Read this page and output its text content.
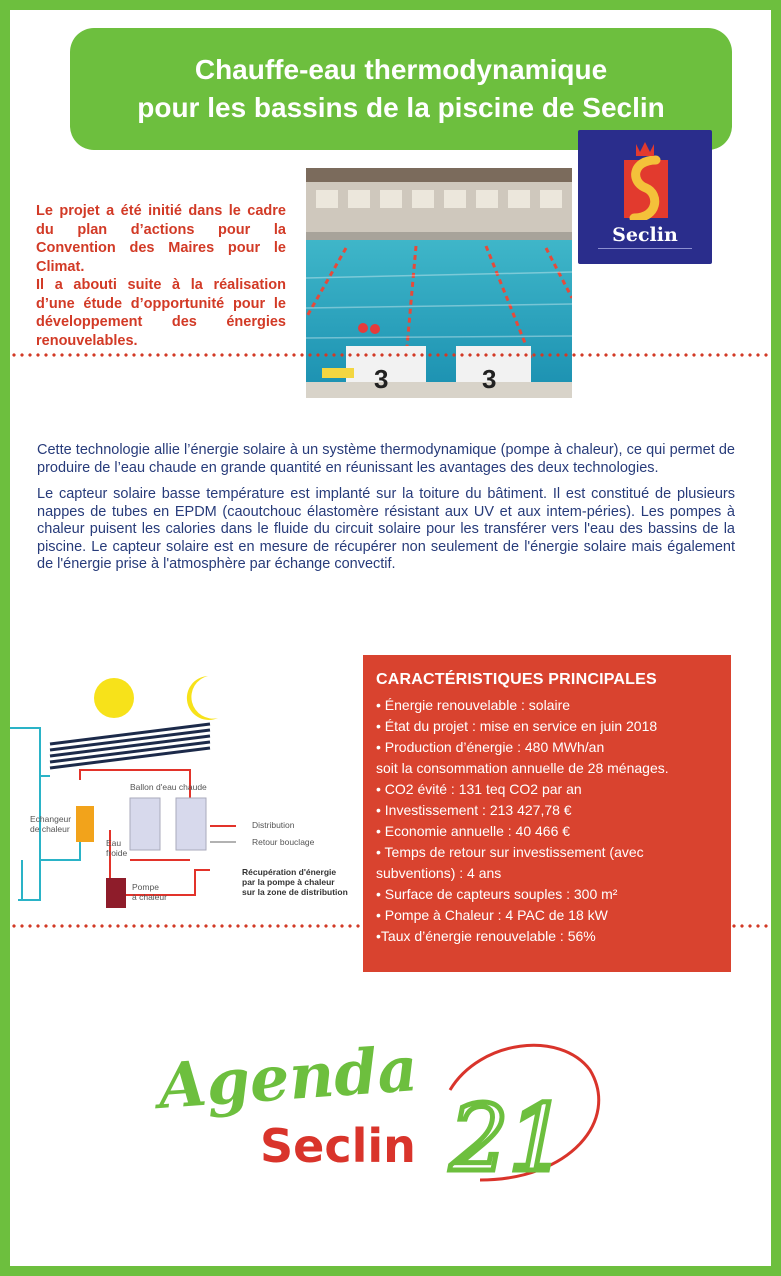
Chauffe-eau thermodynamique
pour les bassins de la piscine de Seclin
3	3
Seclin
Le projet a été initié dans le cadre du plan d’actions pour la Convention des Maires pour le Climat.
Il a abouti suite à la réalisation d’une étude d’opportunité pour le développement des énergies renouvelables.

Cette technologie allie l’énergie solaire à un système thermodynamique (pompe à chaleur), ce qui permet de produire de l’eau chaude en grande quantité en réunissant les avantages des deux technologies.

Le capteur solaire basse température est implanté sur la toiture du bâtiment. Il est constitué de plusieurs nappes de tubes en EPDM (caoutchouc élastomère résistant aux UV et aux intem-péries). Les pompes à chaleur puisent les calories dans le fluide du circuit solaire pour les transférer vers l'eau des bassins de la piscine. Le capteur solaire est en mesure de récupérer non seulement de l'énergie solaire mais également de l'énergie prise à l'atmosphère par échange convectif.

Ballon d'eau chaude
Echangeur
de chaleur
Eau
froide
Distribution
Retour bouclage
Pompe
à chaleur
Récupération d'énergie
par la pompe à chaleur
sur la zone de distribution
CARACTÉRISTIQUES PRINCIPALES
• Énergie renouvelable : solaire
• État du projet : mise en service en juin 2018
• Production d’énergie : 480 MWh/an
soit la consommation annuelle de 28 ménages.
• CO2 évité : 131 teq CO2 par an
• Investissement : 213 427,78 €
• Economie annuelle : 40 466 €
• Temps de retour sur investissement (avec subventions) : 4 ans
• Surface de capteurs souples : 300 m²
• Pompe à Chaleur : 4 PAC de 18 kW
•Taux d’énergie renouvelable : 56%
Agenda
Seclin 21
